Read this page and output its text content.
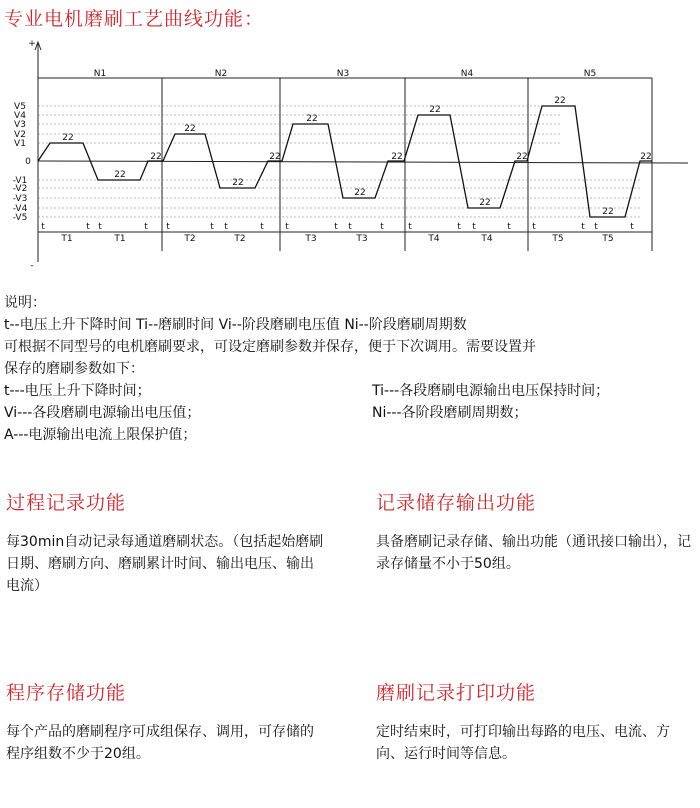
专业电机磨刷工艺曲线功能：
+
-
0
V5
V4
V3
V2
V1
-V1
-V2
-V3
-V4
-V5
N1	N2	N3	N4	N5
22
22
22
22
22
22
22
22
22
22
22
22
22
22
22
t	t t	t t	t t	t t	t t	t	t	t t	t t	t t	t
T1	T1	T2	T2	T3	T3	T4	T4	T5	T5
说明：
t--电压上升下降时间 Ti--磨刷时间 Vi--阶段磨刷电压值 Ni--阶段磨刷周期数
可根据不同型号的电机磨刷要求，可设定磨刷参数并保存，便于下次调用。需要设置并
保存的磨刷参数如下：
t---电压上升下降时间；	Ti---各段磨刷电源输出电压保持时间；
Vi---各段磨刷电源输出电压值；	Ni---各阶段磨刷周期数；
A---电源输出电流上限保护值；
过程记录功能

每30min自动记录每通道磨刷状态。（包括起始磨刷日期、磨刷方向、磨刷累计时间、输出电压、输出电流）

记录储存输出功能

具备磨刷记录存储、输出功能（通讯接口输出），记录存储量不小于50组。

程序存储功能

每个产品的磨刷程序可成组保存、调用，可存储的程序组数不少于20组。

磨刷记录打印功能

定时结束时，可打印输出每路的电压、电流、方向、运行时间等信息。
